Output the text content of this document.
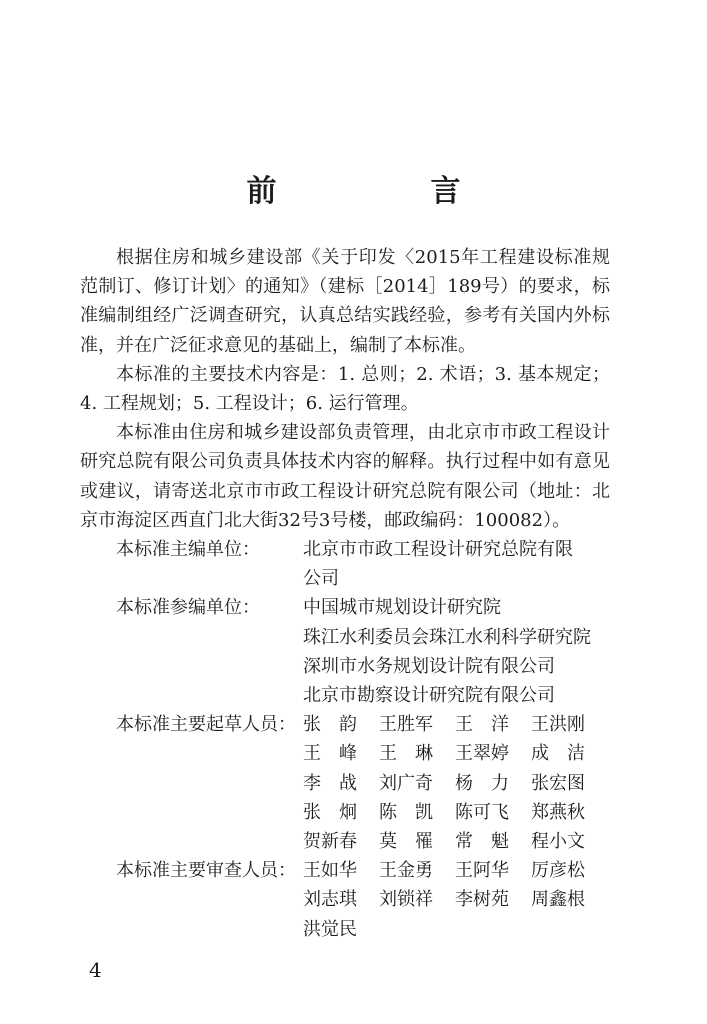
前　言

根据住房和城乡建设部《关于印发〈2015年工程建设标准规范制订、修订计划〉的通知》（建标［2014］189号）的要求，标准编制组经广泛调查研究，认真总结实践经验，参考有关国内外标准，并在广泛征求意见的基础上，编制了本标准。

本标准的主要技术内容是：1. 总则；2. 术语；3. 基本规定；4. 工程规划；5. 工程设计；6. 运行管理。

本标准由住房和城乡建设部负责管理，由北京市市政工程设计研究总院有限公司负责具体技术内容的解释。执行过程中如有意见或建议，请寄送北京市市政工程设计研究总院有限公司（地址：北京市海淀区西直门北大街32号3号楼，邮政编码：100082）。

本标准主编单位：	北京市市政工程设计研究总院有限
公司
本标准参编单位：	中国城市规划设计研究院
珠江水利委员会珠江水利科学研究院
深圳市水务规划设计院有限公司
北京市勘察设计研究院有限公司
本标准主要起草人员： 张　韵	王胜军	王　洋	王洪刚
王　峰	王　琳	王翠婷	成　洁
李　战	刘广奇	杨　力	张宏图
张　炯	陈　凯	陈可飞	郑燕秋
贺新春	莫　罹	常　魁	程小文
本标准主要审查人员： 王如华	王金勇	王阿华	厉彦松
刘志琪	刘锁祥	李树苑	周鑫根
洪觉民
4
